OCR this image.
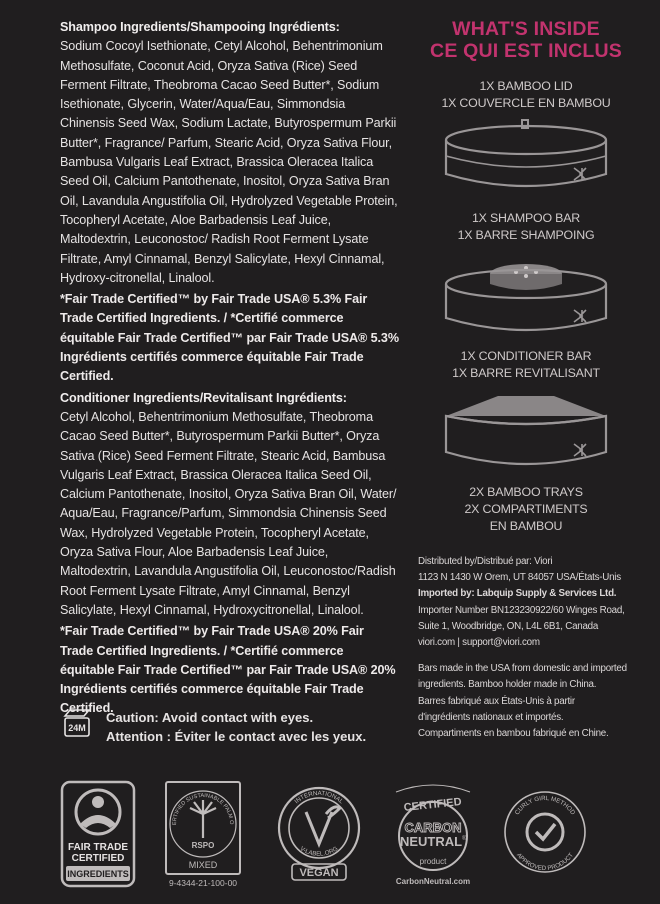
Shampoo Ingredients/Shampooing Ingrédients:
Sodium Cocoyl Isethionate, Cetyl Alcohol, Behentrimonium Methosulfate, Coconut Acid, Oryza Sativa (Rice) Seed Ferment Filtrate, Theobroma Cacao Seed Butter*, Sodium Isethionate, Glycerin, Water/Aqua/Eau, Simmondsia Chinensis Seed Wax, Sodium Lactate, Butyrospermum Parkii Butter*, Fragrance/ Parfum, Stearic Acid, Oryza Sativa Flour, Bambusa Vulgaris Leaf Extract, Brassica Oleracea Italica Seed Oil, Calcium Pantothenate, Inositol, Oryza Sativa Bran Oil, Lavandula Angustifolia Oil, Hydrolyzed Vegetable Protein, Tocopheryl Acetate, Aloe Barbadensis Leaf Juice, Maltodextrin, Leuconostoc/ Radish Root Ferment Lysate Filtrate, Amyl Cinnamal, Benzyl Salicylate, Hexyl Cinnamal, Hydroxy-citronellal, Linalool.

*Fair Trade Certified™ by Fair Trade USA® 5.3% Fair Trade Certified Ingredients. / *Certifié commerce équitable Fair Trade Certified™ par Fair Trade USA® 5.3% Ingrédients certifiés commerce équitable Fair Trade Certified.

Conditioner Ingredients/Revitalisant Ingrédients:
Cetyl Alcohol, Behentrimonium Methosulfate, Theobroma Cacao Seed Butter*, Butyrospermum Parkii Butter*, Oryza Sativa (Rice) Seed Ferment Filtrate, Stearic Acid, Bambusa Vulgaris Leaf Extract, Brassica Oleracea Italica Seed Oil, Calcium Pantothenate, Inositol, Oryza Sativa Bran Oil, Water/ Aqua/Eau, Fragrance/Parfum, Simmondsia Chinensis Seed Wax, Hydrolyzed Vegetable Protein, Tocopheryl Acetate, Oryza Sativa Flour, Aloe Barbadensis Leaf Juice, Maltodextrin, Lavandula Angustifolia Oil, Leuconostoc/Radish Root Ferment Lysate Filtrate, Amyl Cinnamal, Benzyl Salicylate, Hexyl Cinnamal, Hydroxycitronellal, Linalool.

*Fair Trade Certified™ by Fair Trade USA® 20% Fair Trade Certified Ingredients. / *Certifié commerce équitable Fair Trade Certified™ par Fair Trade USA® 20% Ingrédients certifiés commerce équitable Fair Trade Certified.

24M
Caution: Avoid contact with eyes.
Attention : Éviter le contact avec les yeux.
WHAT'S INSIDE
CE QUI EST INCLUS
1X BAMBOO LID
1X COUVERCLE EN BAMBOU
1X SHAMPOO BAR
1X BARRE SHAMPOING
1X CONDITIONER BAR
1X BARRE REVITALISANT
2X BAMBOO TRAYS
2X COMPARTIMENTS
EN BAMBOU
Distributed by/Distribué par: Viori
1123 N 1430 W Orem, UT 84057 USA/États-Unis
Imported by: Labquip Supply & Services Ltd.
Importer Number BN123230922/60 Winges Road,
Suite 1, Woodbridge, ON, L4L 6B1, Canada
viori.com | support@viori.com
Bars made in the USA from domestic and imported
ingredients. Bamboo holder made in China.
Barres fabriqué aux États-Unis à partir
d'ingrédients nationaux et importés.
Compartiments en bambou fabriqué en Chine.
FAIR TRADE
CERTIFIED
INGREDIENTS
ERTIFIED SUSTAINABLE PALM O
RSPO
MIXED
9-4344-21-100-00
INTERNATIONAL
V-LABEL.ORG
VEGAN
CERTIFIED
CARBON
NEUTRAL ®
product
CarbonNeutral.com
CURLY GIRL METHOD
APPROVED PRODUCT
